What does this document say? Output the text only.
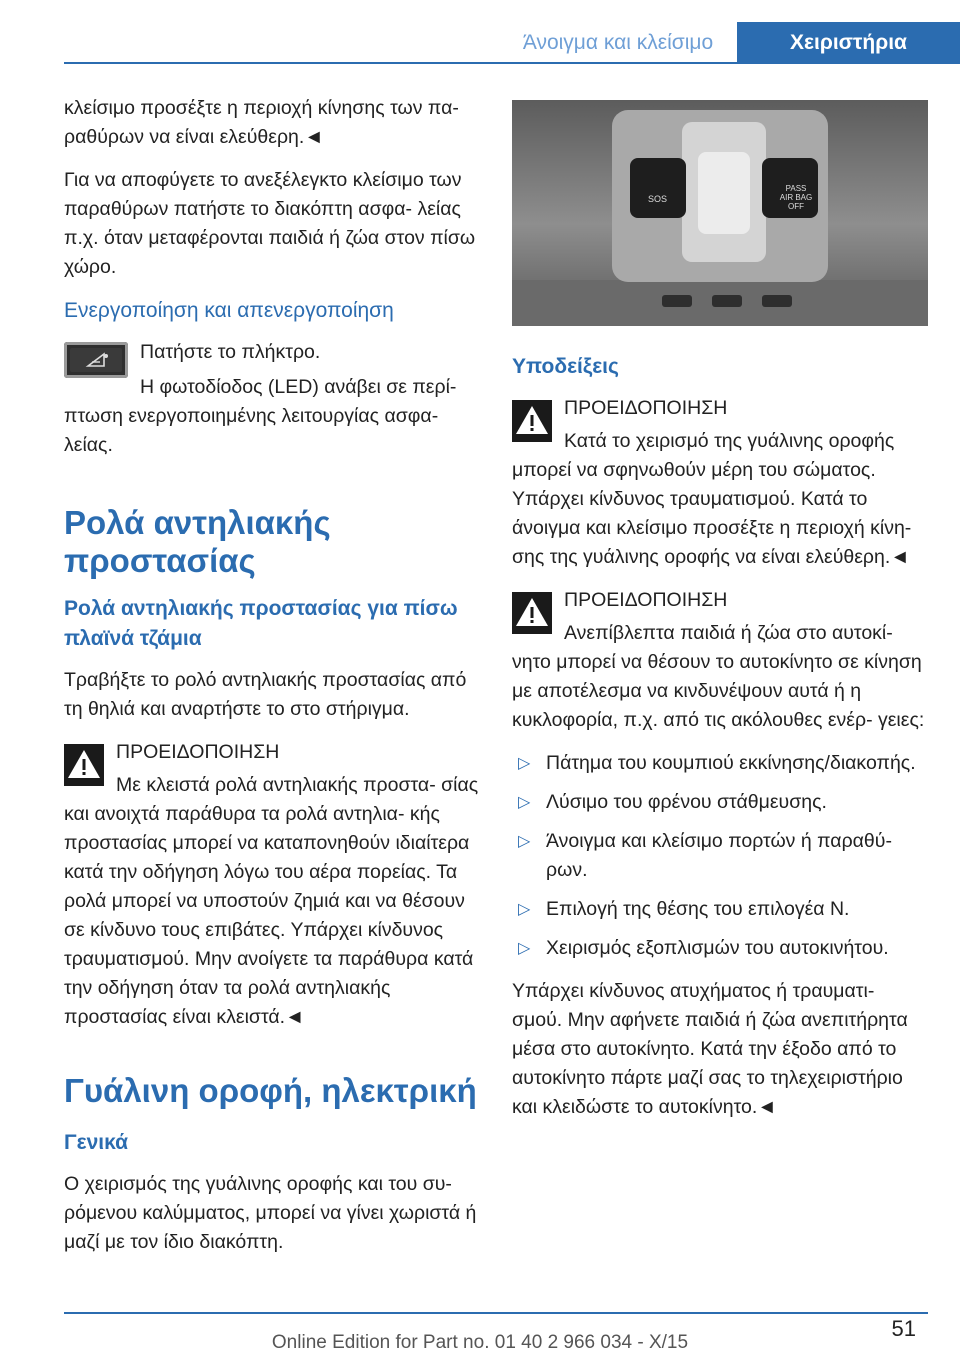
Άνοιγμα και κλείσιμο	Χειριστήρια

κλείσιμο προσέξτε η περιοχή κίνησης των πα- ραθύρων να είναι ελεύθερη.◄

Για να αποφύγετε το ανεξέλεγκτο κλείσιμο των παραθύρων πατήστε το διακόπτη ασφα- λείας π.χ. όταν μεταφέρονται παιδιά ή ζώα στον πίσω χώρο.

Ενεργοποίηση και απενεργοποίηση

Πατήστε το πλήκτρο.

Η φωτοδίοδος (LED) ανάβει σε περί- πτωση ενεργοποιημένης λειτουργίας ασφα- λείας.

Ρολά αντηλιακής προστασίας
Ρολά αντηλιακής προστασίας για πίσω πλαϊνά τζάμια

Τραβήξτε το ρολό αντηλιακής προστασίας από τη θηλιά και αναρτήστε το στο στήριγμα.

ΠΡΟΕΙΔΟΠΟΙΗΣΗ

Με κλειστά ρολά αντηλιακής προστα- σίας και ανοιχτά παράθυρα τα ρολά αντηλια- κής προστασίας μπορεί να καταπονηθούν ιδιαίτερα κατά την οδήγηση λόγω του αέρα πορείας. Τα ρολά μπορεί να υποστούν ζημιά και να θέσουν σε κίνδυνο τους επιβάτες. Υπάρχει κίνδυνος τραυματισμού. Μην ανοίγετε τα παράθυρα κατά την οδήγηση όταν τα ρολά αντηλιακής προστασίας είναι κλειστά.◄

Γυάλινη οροφή, ηλεκτρική
Γενικά

Ο χειρισμός της γυάλινης οροφής και του συ- ρόμενου καλύμματος, μπορεί να γίνει χωριστά ή μαζί με τον ίδιο διακόπτη.

SOS
PASS
AIR BAG
OFF
Υποδείξεις

ΠΡΟΕΙΔΟΠΟΙΗΣΗ

Κατά το χειρισμό της γυάλινης οροφής μπορεί να σφηνωθούν μέρη του σώματος. Υπάρχει κίνδυνος τραυματισμού. Κατά το άνοιγμα και κλείσιμο προσέξτε η περιοχή κίνη- σης της γυάλινης οροφής να είναι ελεύθερη.◄

ΠΡΟΕΙΔΟΠΟΙΗΣΗ

Ανεπίβλεπτα παιδιά ή ζώα στο αυτοκί- νητο μπορεί να θέσουν το αυτοκίνητο σε κίνηση με αποτέλεσμα να κινδυνέψουν αυτά ή η κυκλοφορία, π.χ. από τις ακόλουθες ενέρ- γειες:

▷ Πάτημα του κουμπιού εκκίνησης/διακοπής.
▷ Λύσιμο του φρένου στάθμευσης.
▷ Άνοιγμα και κλείσιμο πορτών ή παραθύ- ρων.
▷ Επιλογή της θέσης του επιλογέα N.
▷ Χειρισμός εξοπλισμών του αυτοκινήτου.

Υπάρχει κίνδυνος ατυχήματος ή τραυματι- σμού. Μην αφήνετε παιδιά ή ζώα ανεπιτήρητα μέσα στο αυτοκίνητο. Κατά την έξοδο από το αυτοκίνητο πάρτε μαζί σας το τηλεχειριστήριο και κλειδώστε το αυτοκίνητο.◄

51
Online Edition for Part no. 01 40 2 966 034 - X/15
